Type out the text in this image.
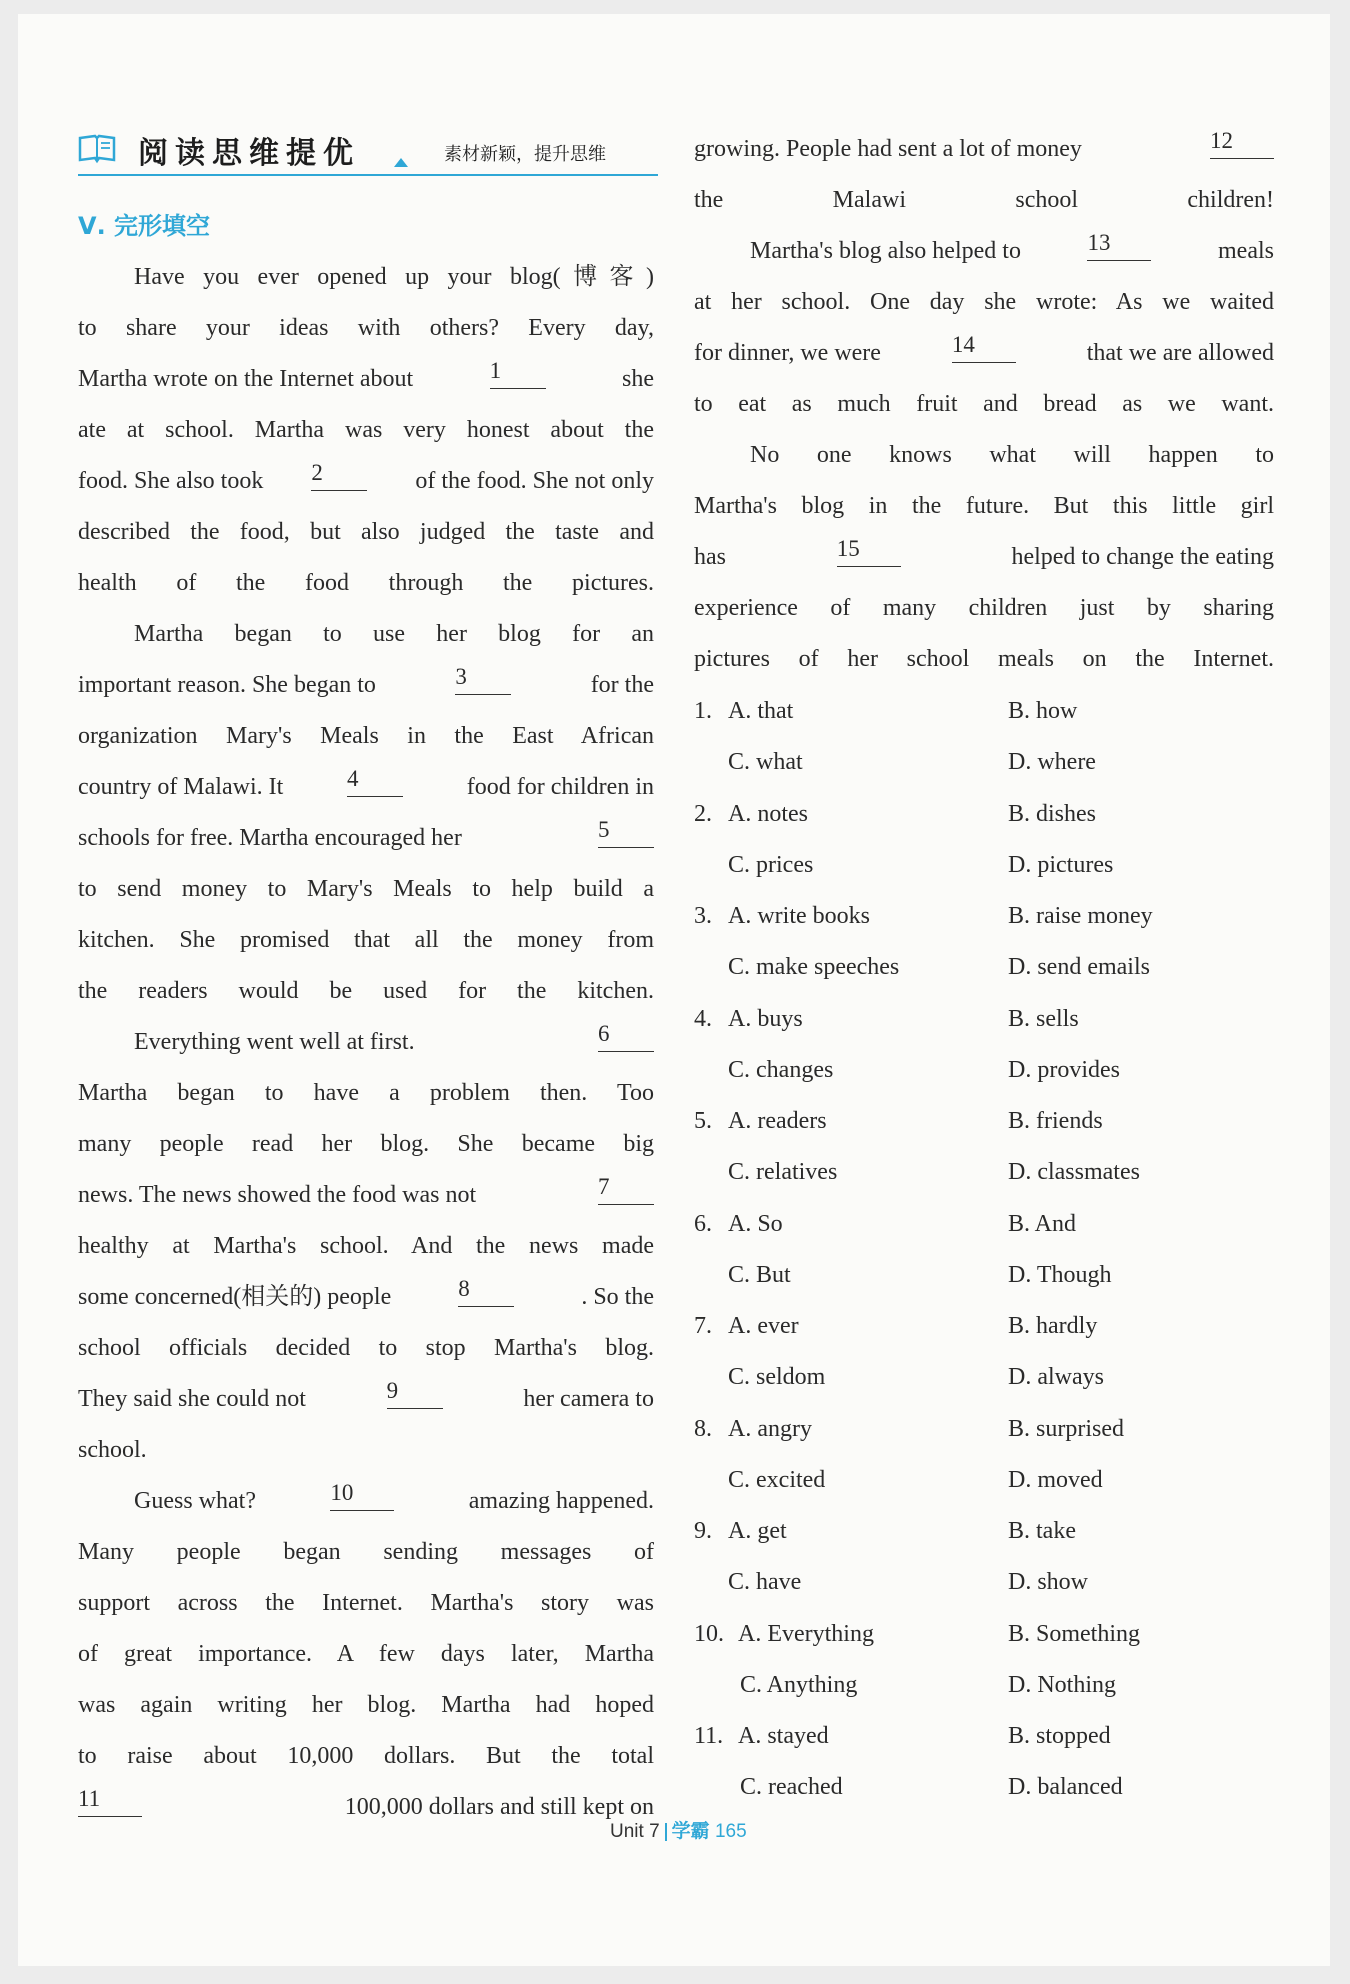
阅读思维提优	素材新颖，提升思维
Ⅴ. 完形填空
Have you ever opened up your blog(博客)
to share your ideas with others? Every day,
Martha wrote on the Internet about	1	she
ate at school. Martha was very honest about the
food. She also took 2	of the food. She not only
described the food, but also judged the taste and
health of the food through the pictures.
Martha began to use her blog for an
important reason. She began to	3	for the
organization Mary's Meals in the East African
country of Malawi. It	4	food for children in
schools for free. Martha encouraged her	5
to send money to Mary's Meals to help build a
kitchen. She promised that all the money from
the readers would be used for the kitchen.
Everything went well at first.	6
Martha began to have a problem then. Too
many people read her blog. She became big
news. The news showed the food was not	7
healthy at Martha's school. And the news made
some concerned(相关的) people	8	. So the
school officials decided to stop Martha's blog.
They said she could not	9	her camera to
school.
Guess what?	10	amazing happened.
Many people began sending messages of
support across the Internet. Martha's story was
of great importance. A few days later, Martha
was again writing her blog. Martha had hoped
to raise about 10,000 dollars. But the total
11	100,000 dollars and still kept on
growing. People had sent a lot of money	12
the Malawi school children!
Martha's blog also helped to	13	meals
at her school. One day she wrote: As we waited
for dinner, we were	14	that we are allowed
to eat as much fruit and bread as we want.
No one knows what will happen to
Martha's blog in the future. But this little girl
has	15	helped to change the eating
experience of many children just by sharing
pictures of her school meals on the Internet.
1. A. that	B. how
C. what	D. where
2. A. notes	B. dishes
C. prices	D. pictures
3. A. write books	B. raise money
C. make speeches	D. send emails
4. A. buys	B. sells
C. changes	D. provides
5. A. readers	B. friends
C. relatives	D. classmates
6. A. So	B. And
C. But	D. Though
7. A. ever	B. hardly
C. seldom	D. always
8. A. angry	B. surprised
C. excited	D. moved
9. A. get	B. take
C. have	D. show
10. A. Everything	B. Something
C. Anything	D. Nothing
11. A. stayed	B. stopped
C. reached	D. balanced
Unit 7 学霸 165
